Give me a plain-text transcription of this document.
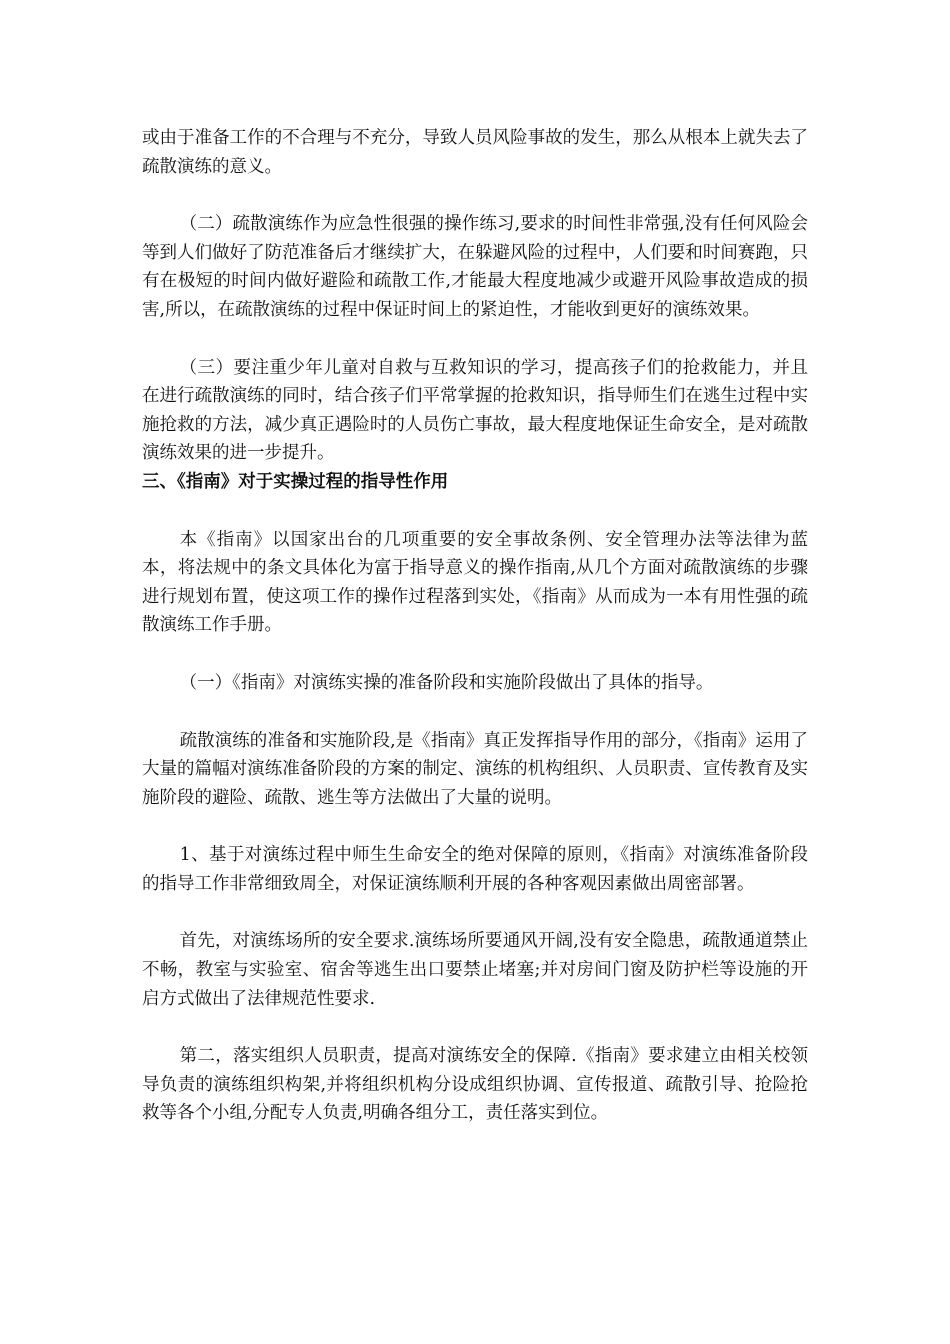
或由于准备工作的不合理与不充分，导致人员风险事故的发生，那么从根本上就失去了疏散演练的意义。

（二）疏散演练作为应急性很强的操作练习,要求的时间性非常强,没有任何风险会等到人们做好了防范准备后才继续扩大，在躲避风险的过程中，人们要和时间赛跑，只有在极短的时间内做好避险和疏散工作,才能最大程度地减少或避开风险事故造成的损害,所以，在疏散演练的过程中保证时间上的紧迫性，才能收到更好的演练效果。

（三）要注重少年儿童对自救与互救知识的学习，提高孩子们的抢救能力，并且在进行疏散演练的同时，结合孩子们平常掌握的抢救知识，指导师生们在逃生过程中实施抢救的方法，减少真正遇险时的人员伤亡事故，最大程度地保证生命安全，是对疏散演练效果的进一步提升。

三、《指南》对于实操过程的指导性作用

本《指南》以国家出台的几项重要的安全事故条例、安全管理办法等法律为蓝本，将法规中的条文具体化为富于指导意义的操作指南,从几个方面对疏散演练的步骤进行规划布置，使这项工作的操作过程落到实处，《指南》从而成为一本有用性强的疏散演练工作手册。

（一）《指南》对演练实操的准备阶段和实施阶段做出了具体的指导。

疏散演练的准备和实施阶段,是《指南》真正发挥指导作用的部分，《指南》运用了大量的篇幅对演练准备阶段的方案的制定、演练的机构组织、人员职责、宣传教育及实施阶段的避险、疏散、逃生等方法做出了大量的说明。

1、基于对演练过程中师生生命安全的绝对保障的原则，《指南》对演练准备阶段的指导工作非常细致周全，对保证演练顺利开展的各种客观因素做出周密部署。

首先，对演练场所的安全要求.演练场所要通风开阔,没有安全隐患，疏散通道禁止不畅，教室与实验室、宿舍等逃生出口要禁止堵塞;并对房间门窗及防护栏等设施的开启方式做出了法律规范性要求.

第二，落实组织人员职责，提高对演练安全的保障.《指南》要求建立由相关校领导负责的演练组织构架,并将组织机构分设成组织协调、宣传报道、疏散引导、抢险抢救等各个小组,分配专人负责,明确各组分工，责任落实到位。
